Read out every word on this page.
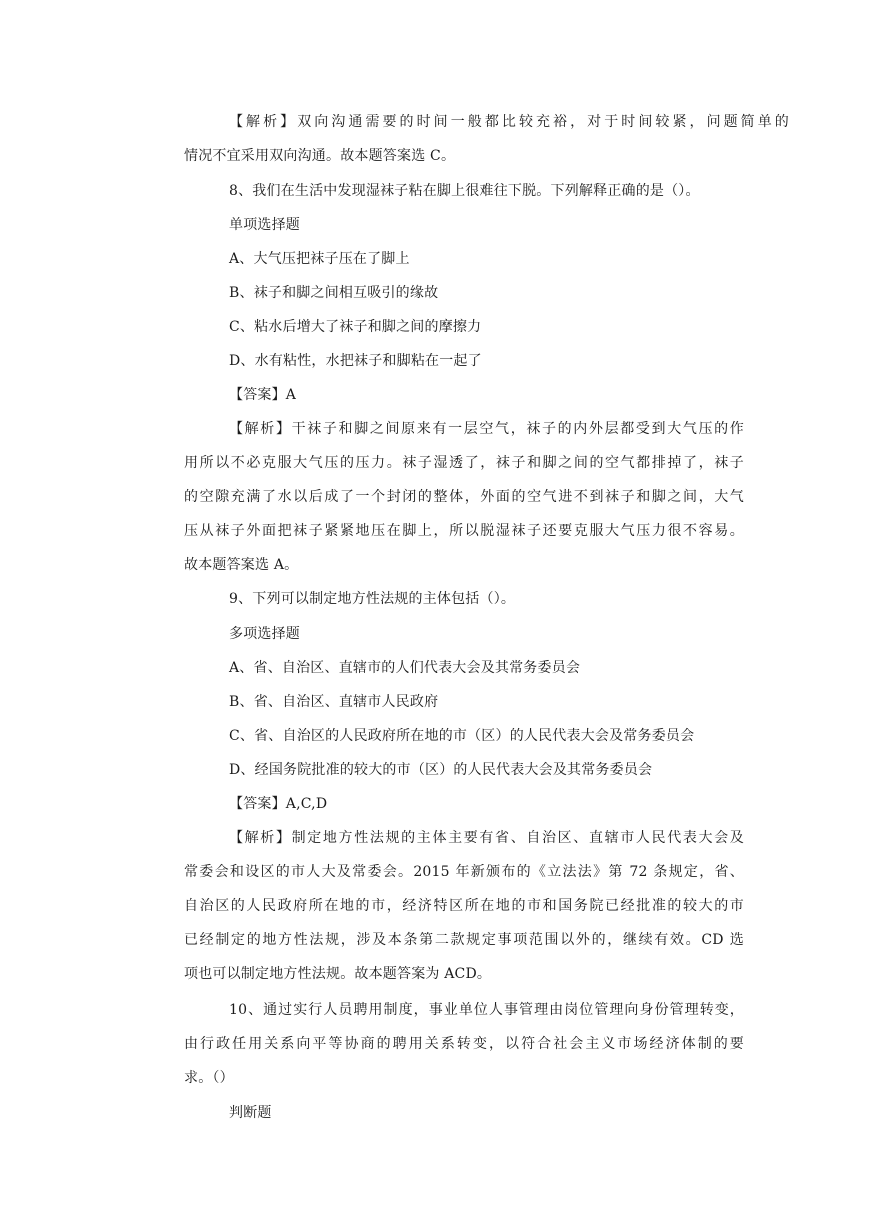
【解析】双向沟通需要的时间一般都比较充裕，对于时间较紧，问题简单的
情况不宜采用双向沟通。故本题答案选 C。
8、我们在生活中发现湿袜子粘在脚上很难往下脱。下列解释正确的是（）。
单项选择题
A、大气压把袜子压在了脚上
B、袜子和脚之间相互吸引的缘故
C、粘水后增大了袜子和脚之间的摩擦力
D、水有粘性，水把袜子和脚粘在一起了
【答案】A
【解析】干袜子和脚之间原来有一层空气，袜子的内外层都受到大气压的作
用所以不必克服大气压的压力。袜子湿透了，袜子和脚之间的空气都排掉了，袜子
的空隙充满了水以后成了一个封闭的整体，外面的空气进不到袜子和脚之间，大气
压从袜子外面把袜子紧紧地压在脚上，所以脱湿袜子还要克服大气压力很不容易。
故本题答案选 A。
9、下列可以制定地方性法规的主体包括（）。
多项选择题
A、省、自治区、直辖市的人们代表大会及其常务委员会
B、省、自治区、直辖市人民政府
C、省、自治区的人民政府所在地的市（区）的人民代表大会及常务委员会
D、经国务院批准的较大的市（区）的人民代表大会及其常务委员会
【答案】A,C,D
【解析】制定地方性法规的主体主要有省、自治区、直辖市人民代表大会及
常委会和设区的市人大及常委会。2015 年新颁布的《立法法》第 72 条规定，省、
自治区的人民政府所在地的市，经济特区所在地的市和国务院已经批准的较大的市
已经制定的地方性法规，涉及本条第二款规定事项范围以外的，继续有效。CD 选
项也可以制定地方性法规。故本题答案为 ACD。
10、通过实行人员聘用制度，事业单位人事管理由岗位管理向身份管理转变，
由行政任用关系向平等协商的聘用关系转变，以符合社会主义市场经济体制的要
求。（）
判断题
